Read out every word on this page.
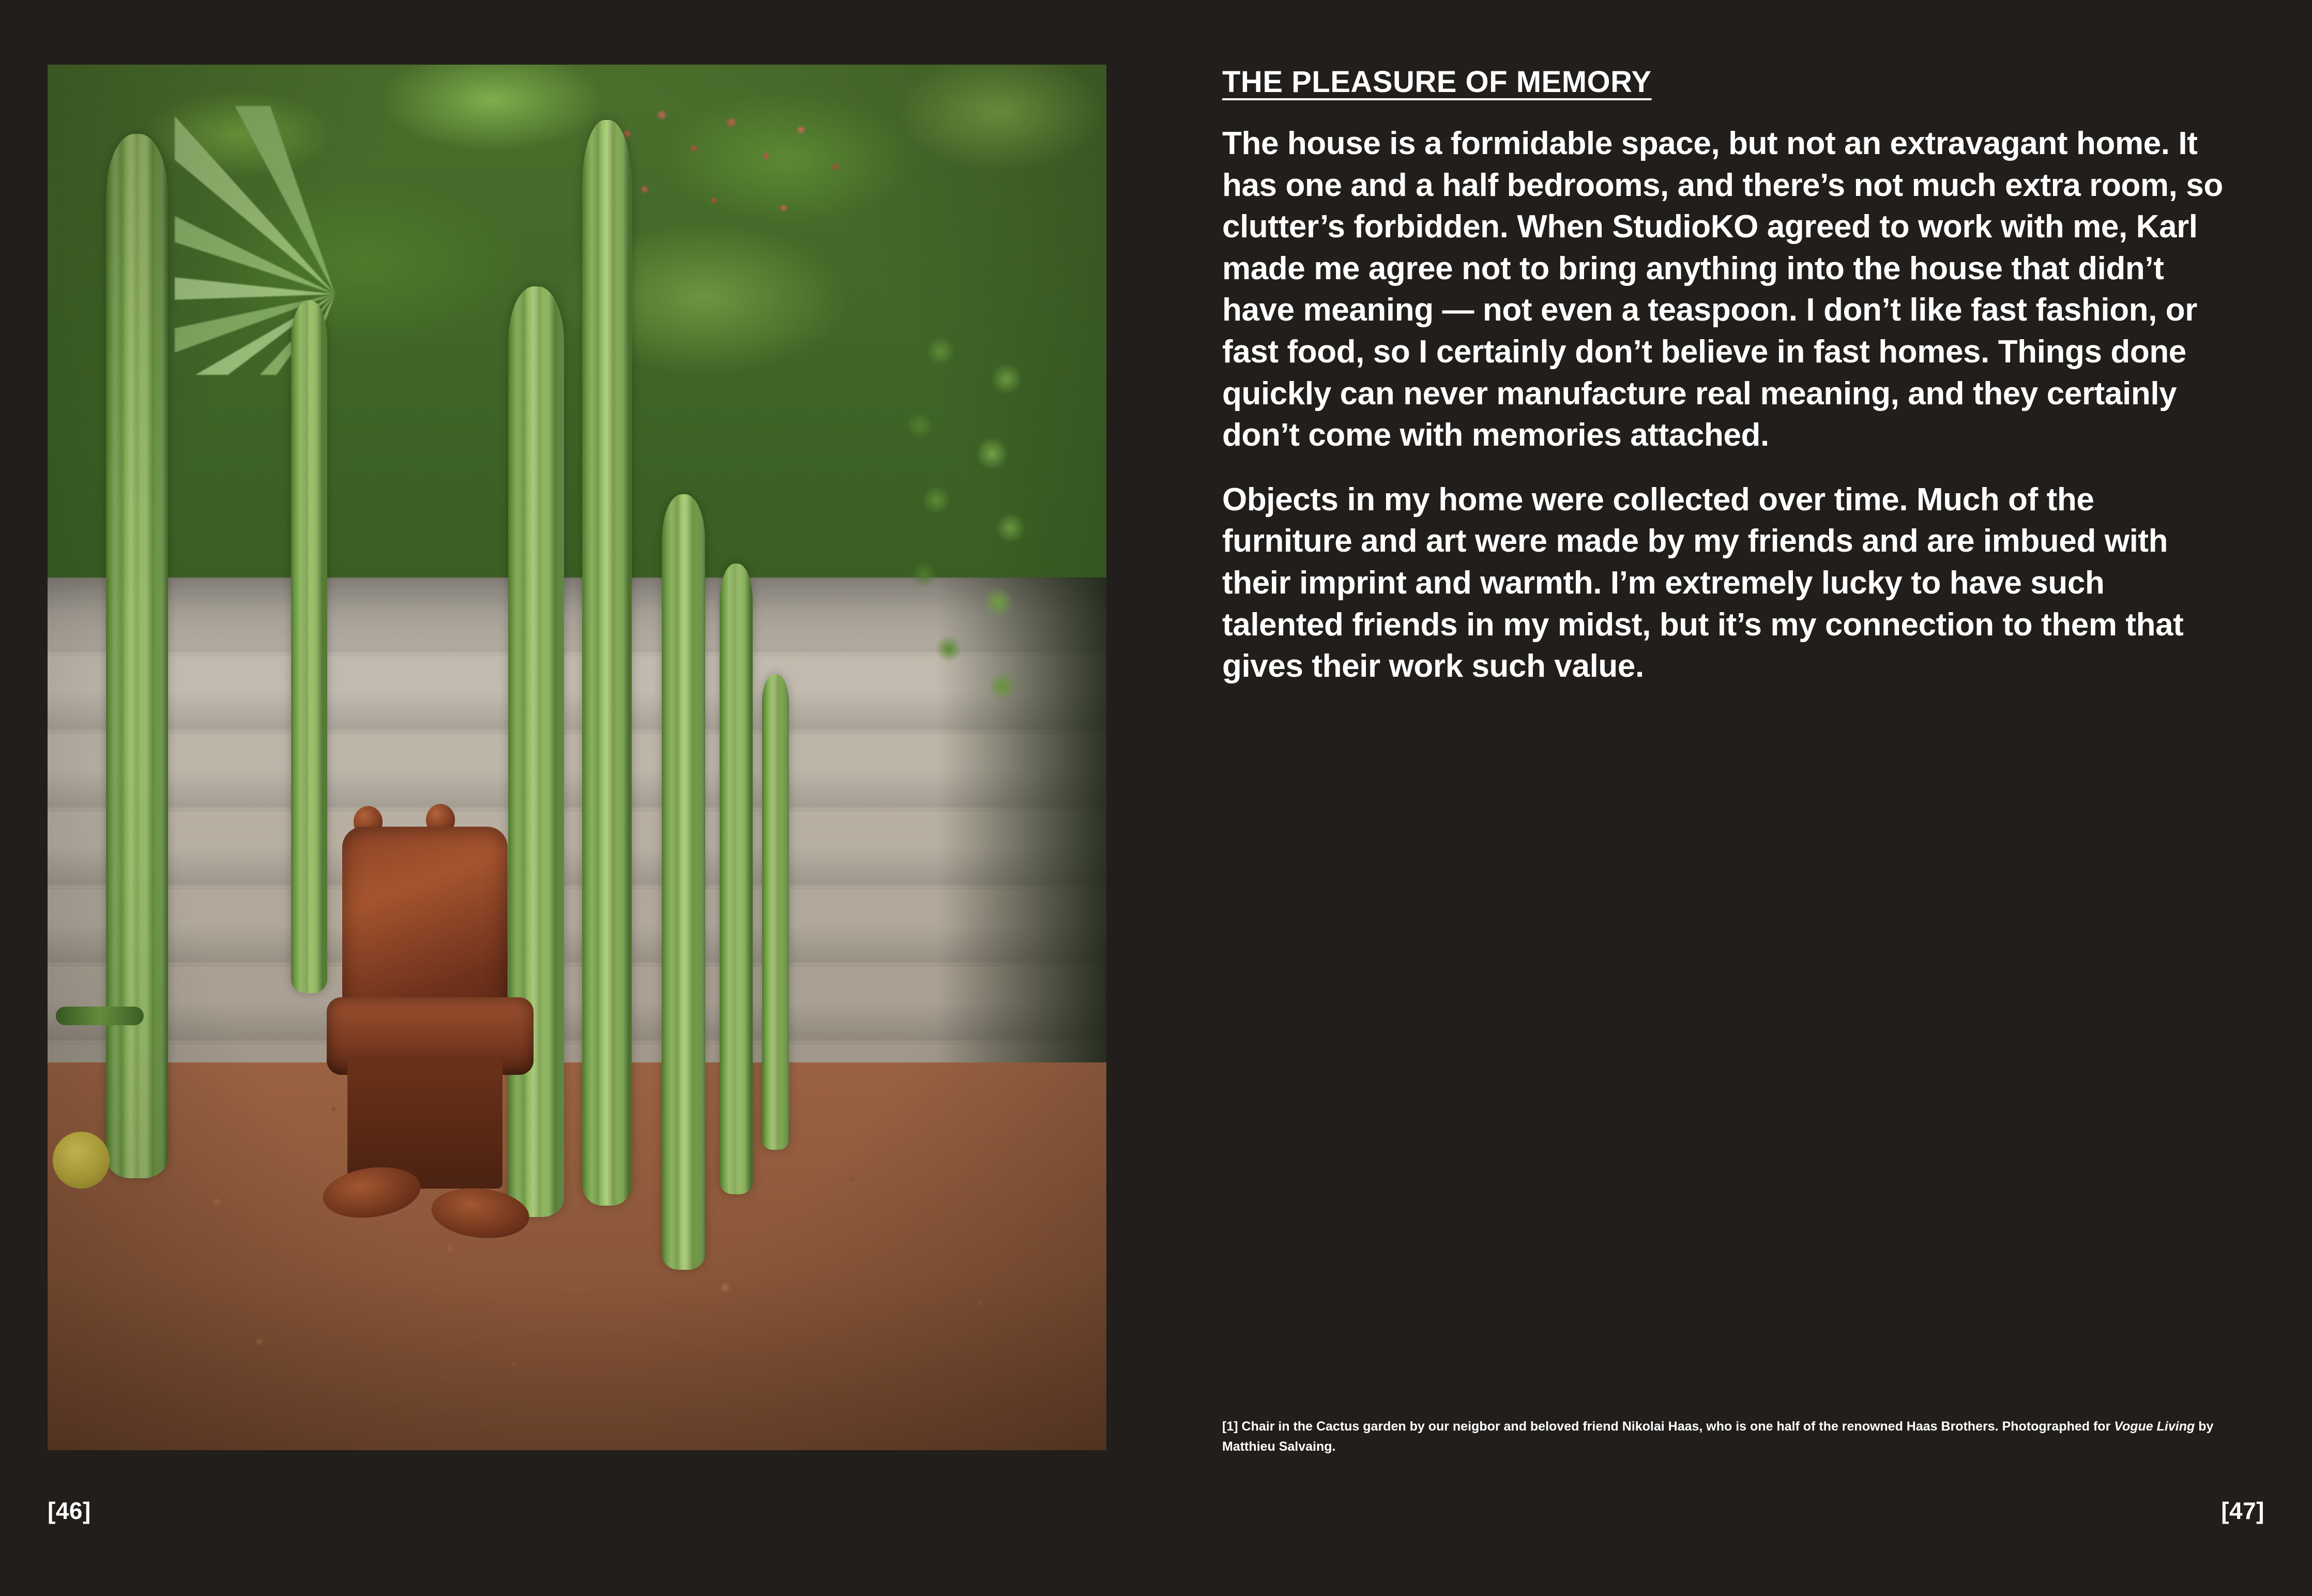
[46]
THE PLEASURE OF MEMORY

The house is a formidable space, but not an extravagant home. It has one and a half bedrooms, and there’s not much extra room, so clutter’s forbidden. When StudioKO agreed to work with me, Karl made me agree not to bring anything into the house that didn’t have meaning — not even a teaspoon. I don’t like fast fashion, or fast food, so I certainly don’t believe in fast homes. Things done quickly can never manufacture real meaning, and they certainly don’t come with memories attached.

Objects in my home were collected over time. Much of the furniture and art were made by my friends and are imbued with their imprint and warmth. I’m extremely lucky to have such talented friends in my midst, but it’s my connection to them that gives their work such value.

[1] Chair in the Cactus garden by our neigbor and beloved friend Nikolai Haas, who is one half of the renowned Haas Brothers. Photographed for Vogue Living by Matthieu Salvaing.
[47]
